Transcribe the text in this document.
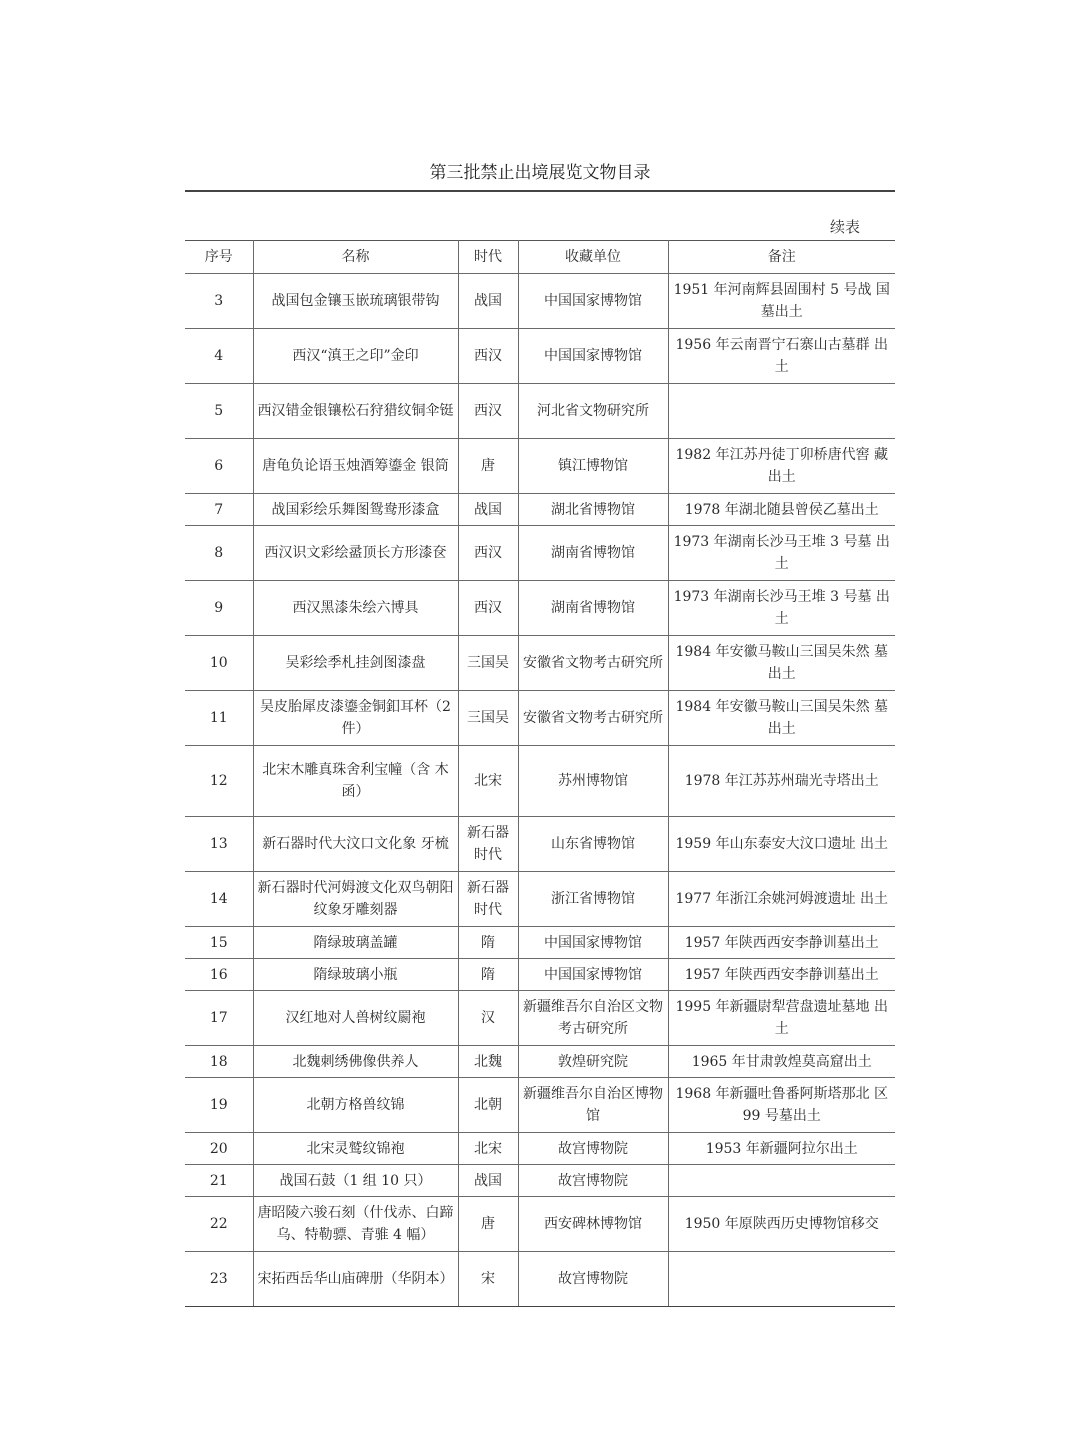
第三批禁止出境展览文物目录
续表
序号	名称	时代	收藏单位	备注
3	战国包金镶玉嵌琉璃银带钩	战国	中国国家博物馆	1951 年河南辉县固围村 5 号战 国墓出土
4	西汉“滇王之印”金印	西汉	中国国家博物馆	1956 年云南晋宁石寨山古墓群 出土
5	西汉错金银镶松石狩猎纹铜伞铤	西汉	河北省文物研究所	
6	唐龟负论语玉烛酒筹鎏金 银筒	唐	镇江博物馆	1982 年江苏丹徒丁卯桥唐代窖 藏出土
7	战国彩绘乐舞图鸳鸯形漆盒	战国	湖北省博物馆	1978 年湖北随县曾侯乙墓出土
8	西汉识文彩绘盝顶长方形漆奁	西汉	湖南省博物馆	1973 年湖南长沙马王堆 3 号墓 出土
9	西汉黑漆朱绘六博具	西汉	湖南省博物馆	1973 年湖南长沙马王堆 3 号墓 出土
10	吴彩绘季札挂剑图漆盘	三国吴	安徽省文物考古研究所	1984 年安徽马鞍山三国吴朱然 墓出土
11	吴皮胎犀皮漆鎏金铜釦耳杯（2 件）	三国吴	安徽省文物考古研究所	1984 年安徽马鞍山三国吴朱然 墓出土
12	北宋木雕真珠舍利宝幢（含 木函）	北宋	苏州博物馆	1978 年江苏苏州瑞光寺塔出土
13	新石器时代大汶口文化象 牙梳	新石器时代	山东省博物馆	1959 年山东泰安大汶口遗址 出土
14	新石器时代河姆渡文化双鸟朝阳纹象牙雕刻器	新石器时代	浙江省博物馆	1977 年浙江余姚河姆渡遗址 出土
15	隋绿玻璃盖罐	隋	中国国家博物馆	1957 年陕西西安李静训墓出土
16	隋绿玻璃小瓶	隋	中国国家博物馆	1957 年陕西西安李静训墓出土
17	汉红地对人兽树纹罽袍	汉	新疆维吾尔自治区文物考古研究所	1995 年新疆尉犁营盘遗址墓地 出土
18	北魏刺绣佛像供养人	北魏	敦煌研究院	1965 年甘肃敦煌莫高窟出土
19	北朝方格兽纹锦	北朝	新疆维吾尔自治区博物馆	1968 年新疆吐鲁番阿斯塔那北 区 99 号墓出土
20	北宋灵鹫纹锦袍	北宋	故宫博物院	1953 年新疆阿拉尔出土
21	战国石鼓（1 组 10 只）	战国	故宫博物院	
22	唐昭陵六骏石刻（什伐赤、白蹄乌、特勒骠、青骓 4 幅）	唐	西安碑林博物馆	1950 年原陕西历史博物馆移交
23	宋拓西岳华山庙碑册（华阴本）	宋	故宫博物院	
